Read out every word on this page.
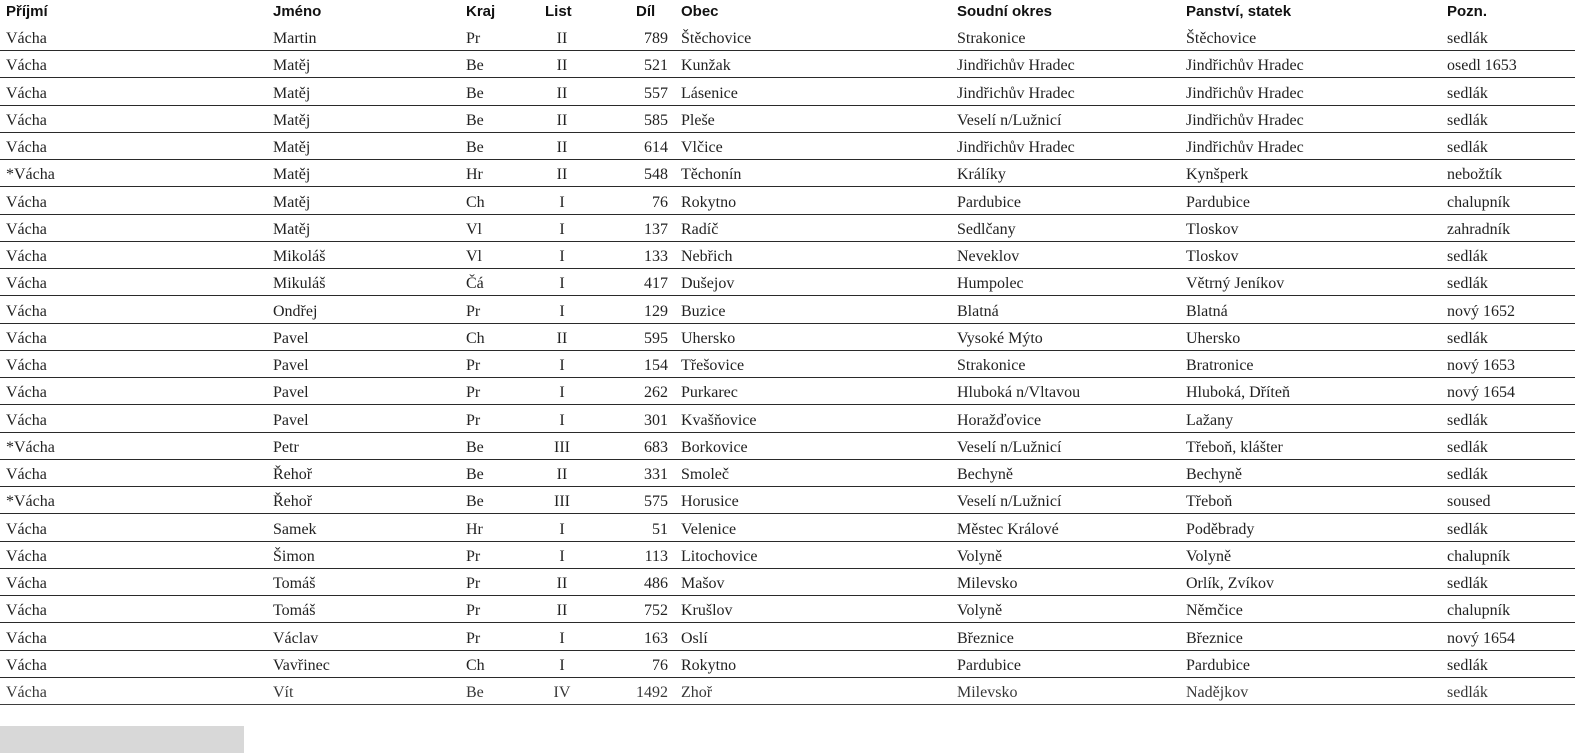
Příjmí	Jméno	Kraj	List	Díl Obec	Soudní okres	Panství, statek	Pozn.
Vácha	Martin	Pr	II	789 Štěchovice	Strakonice	Štěchovice	sedlák
Vácha	Matěj	Be	II	521 Kunžak	Jindřichův Hradec	Jindřichův Hradec	osedl 1653
Vácha	Matěj	Be	II	557 Lásenice	Jindřichův Hradec	Jindřichův Hradec	sedlák
Vácha	Matěj	Be	II	585 Pleše	Veselí n/Lužnicí	Jindřichův Hradec	sedlák
Vácha	Matěj	Be	II	614 Vlčice	Jindřichův Hradec	Jindřichův Hradec	sedlák
*Vácha	Matěj	Hr	II	548 Těchonín	Králíky	Kynšperk	nebožtík
Vácha	Matěj	Ch	I	76 Rokytno	Pardubice	Pardubice	chalupník
Vácha	Matěj	Vl	I	137 Radíč	Sedlčany	Tloskov	zahradník
Vácha	Mikoláš	Vl	I	133 Nebřich	Neveklov	Tloskov	sedlák
Vácha	Mikuláš	Čá	I	417 Dušejov	Humpolec	Větrný Jeníkov	sedlák
Vácha	Ondřej	Pr	I	129 Buzice	Blatná	Blatná	nový 1652
Vácha	Pavel	Ch	II	595 Uhersko	Vysoké Mýto	Uhersko	sedlák
Vácha	Pavel	Pr	I	154 Třešovice	Strakonice	Bratronice	nový 1653
Vácha	Pavel	Pr	I	262 Purkarec	Hluboká n/Vltavou	Hluboká, Dříteň	nový 1654
Vácha	Pavel	Pr	I	301 Kvašňovice	Horažďovice	Lažany	sedlák
*Vácha	Petr	Be	III	683 Borkovice	Veselí n/Lužnicí	Třeboň, klášter	sedlák
Vácha	Řehoř	Be	II	331 Smoleč	Bechyně	Bechyně	sedlák
*Vácha	Řehoř	Be	III	575 Horusice	Veselí n/Lužnicí	Třeboň	soused
Vácha	Samek	Hr	I	51 Velenice	Městec Králové	Poděbrady	sedlák
Vácha	Šimon	Pr	I	113 Litochovice	Volyně	Volyně	chalupník
Vácha	Tomáš	Pr	II	486 Mašov	Milevsko	Orlík, Zvíkov	sedlák
Vácha	Tomáš	Pr	II	752 Krušlov	Volyně	Němčice	chalupník
Vácha	Václav	Pr	I	163 Oslí	Březnice	Březnice	nový 1654
Vácha	Vavřinec	Ch	I	76 Rokytno	Pardubice	Pardubice	sedlák
Vácha	Vít	Be	IV	1492 Zhoř	Milevsko	Nadějkov	sedlák
